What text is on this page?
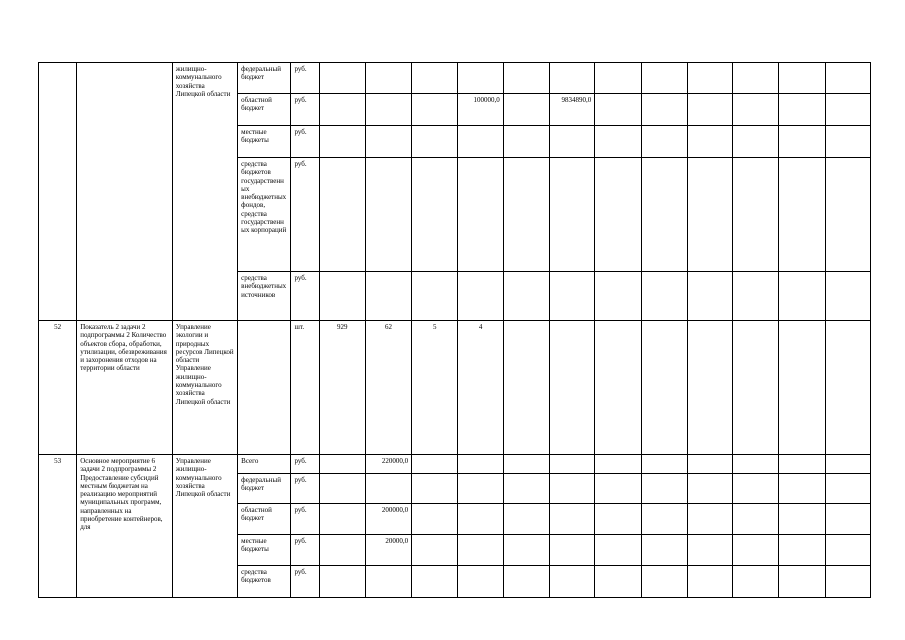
		жилищно-коммунального хозяйства Липецкой области	федеральный бюджет	руб.												
			областной бюджет	руб.				100000,0		9834890,0						
			местные бюджеты	руб.												
			средства бюджетов государственных внебюджетных фондов, средства государственных корпораций	руб.												
			средства внебюджетных источников	руб.												
52	Показатель 2 задачи 2 подпрограммы 2 Количество объектов сбора, обработки, утилизации, обезвреживания и захоронения отходов на территории области	Управление экологии и природных ресурсов Липецкой области Управление жилищно-коммунального хозяйства Липецкой области		шт.	929	62	5	4								
53	Основное мероприятие 6 задачи 2 подпрограммы 2 Предоставление субсидий местным бюджетам на реализацию мероприятий муниципальных программ, направленных на приобретение контейнеров, для	Управление жилищно-коммунального хозяйства Липецкой области	Всего	руб.		220000,0										
			федеральный бюджет	руб.												
			областной бюджет	руб.		200000,0										
			местные бюджеты	руб.		20000,0										
			средства бюджетов	руб.												
